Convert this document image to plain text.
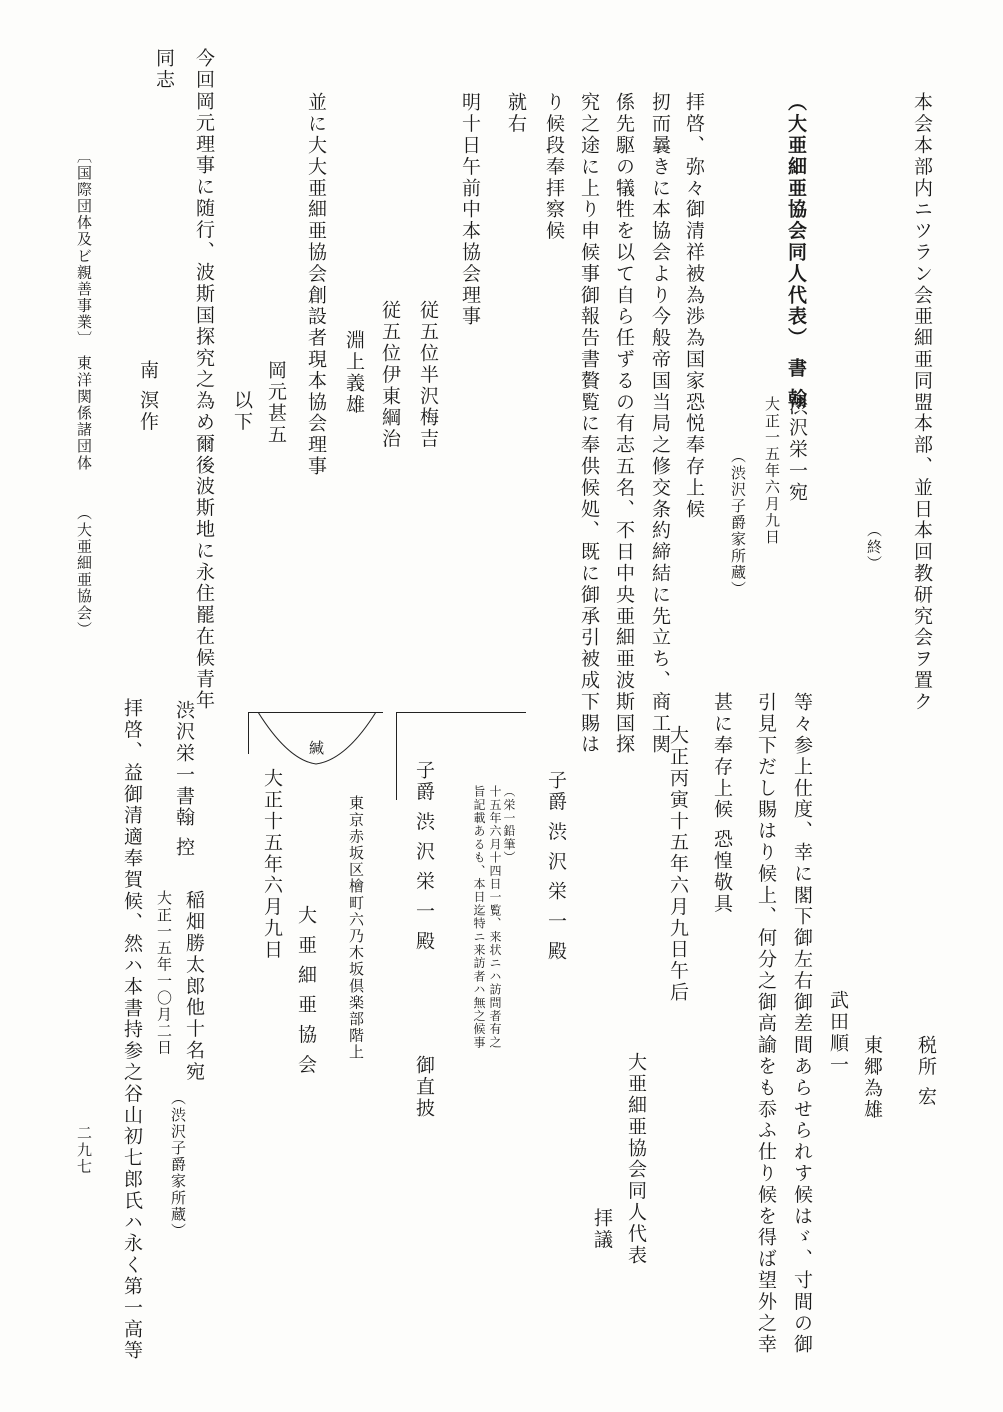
本会本部内ニツラン会亜細亜同盟本部、並日本回教研究会ヲ置ク
（終）
（大亜細亜協会同人代表） 書 翰
渋沢栄一宛
大正一五年六月九日
（渋沢子爵家所蔵）
拝啓、弥々御清祥被為渉為国家恐悦奉存上候
扨而曩きに本協会より今般帝国当局之修交条約締結に先立ち、商工関
係先駆の犠牲を以て自ら任ずるの有志五名、不日中央亜細亜波斯国探
究之途に上り申候事御報告書贅覧に奉供候処、既に御承引被成下賜は
り候段奉拝察候
就右
明十日午前中本協会理事
従五位半沢梅吉
従五位伊東綱治
淵上義雄
並に大大亜細亜協会創設者現本協会理事
岡元甚五
以下
今回岡元理事に随行、波斯国探究之為め爾後波斯地に永住罷在候青年
同志
南 溟作
〔国際団体及ビ親善事業〕
東洋関係諸団体
（大亜細亜協会）
税所 宏
東郷為雄
武田順一
等々参上仕度、幸に閣下御左右御差間あらせられす候はゞ、寸間の御
引見下だし賜はり候上、何分之御高諭をも忝ふ仕り候を得ば望外之幸
甚に奉存上候 恐惶敬具
大正丙寅十五年六月九日午后
大亜細亜協会同人代表
拝議
子爵 渋 沢 栄 一 殿
（栄一鉛筆）
十五年六月十四日一覧、来状ニハ訪問者有之
旨記載あるも、本日迄特ニ来訪者ハ無之候事
子爵 渋 沢 栄 一 殿
御直披
緘
東京赤坂区檜町六乃木坂倶楽部階上
大 亜 細 亜 協 会
大正十五年六月九日
渋沢栄一書翰 控
稲畑勝太郎他十名宛
大正一五年一〇月二日
（渋沢子爵家所蔵）
拝啓、益御清適奉賀候、然ハ本書持参之谷山初七郎氏ハ永く第一高等
二九七
